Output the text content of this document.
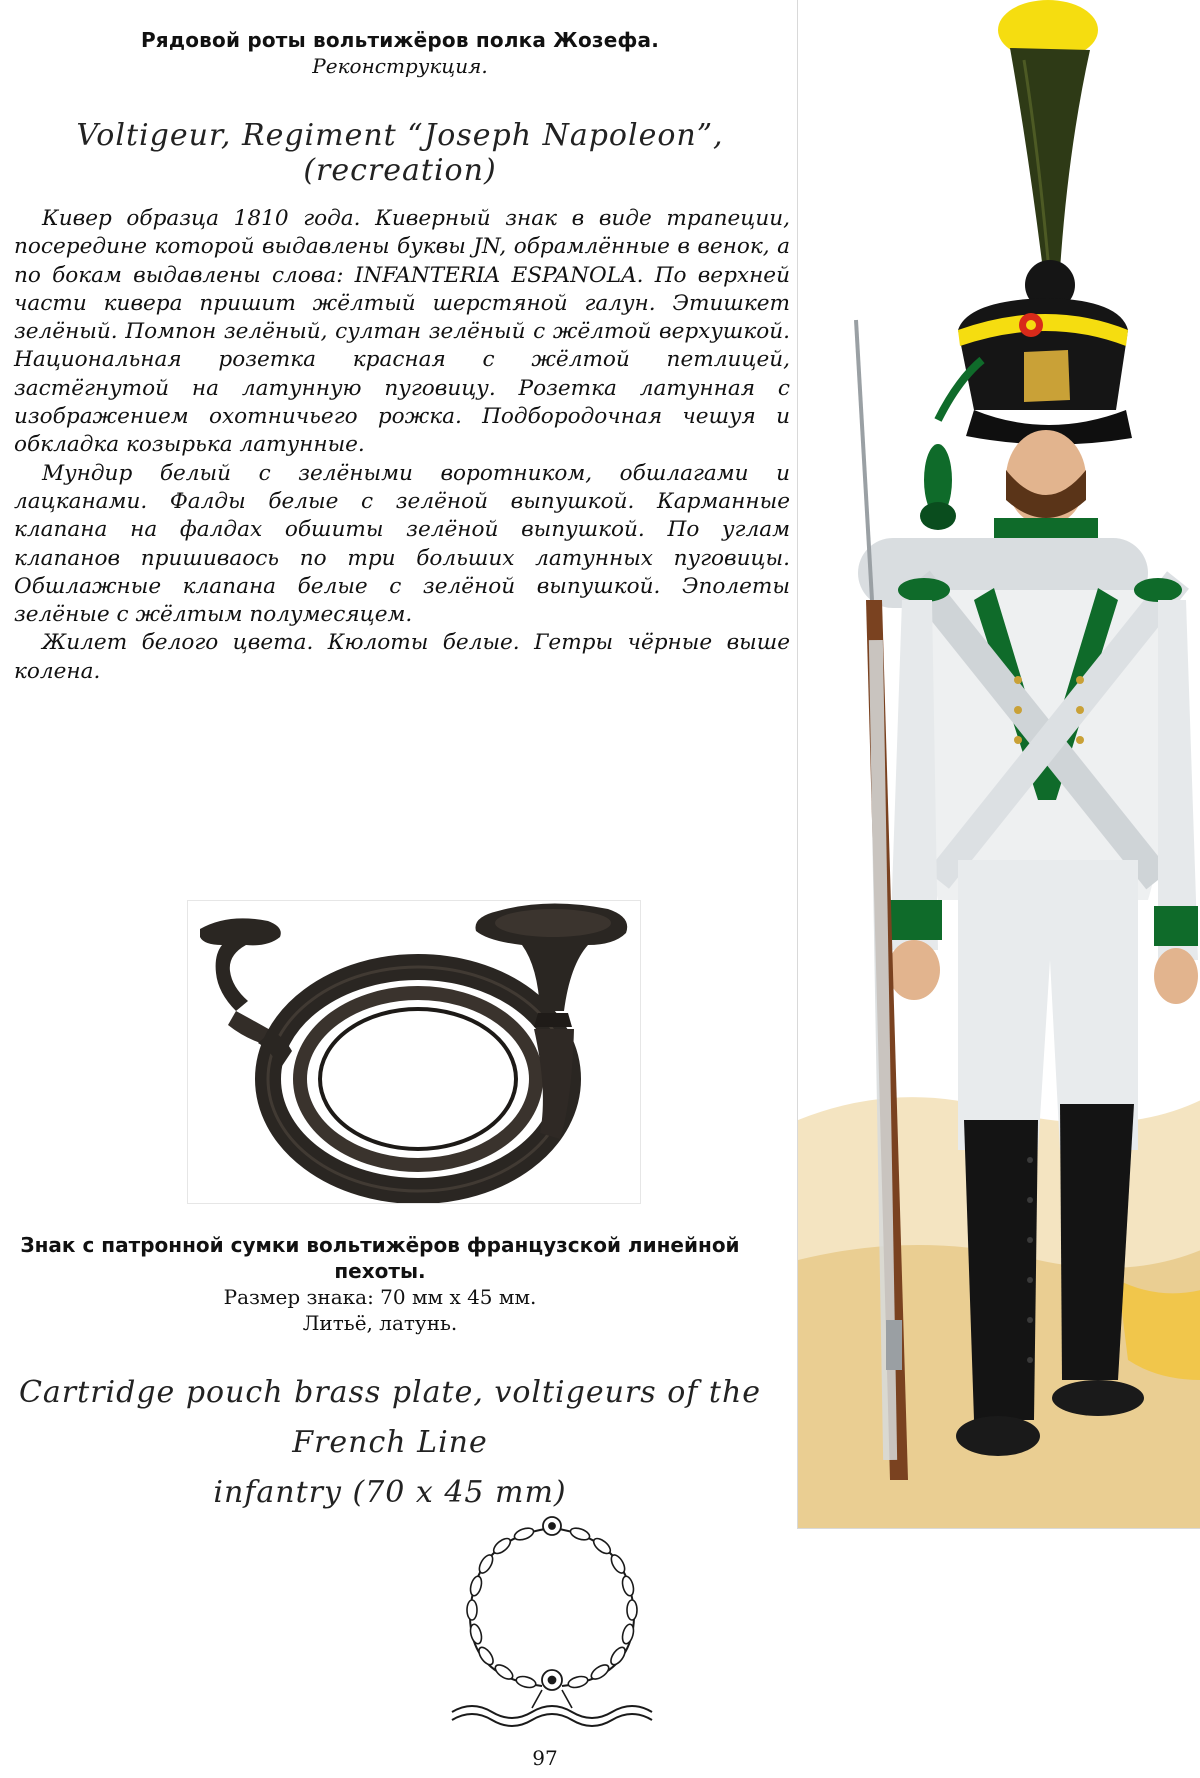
Рядовой роты вольтижёров полка Жозефа.
Реконструкция.
Voltigeur, Regiment “Joseph Napoleon”, (recreation)

Кивер образца 1810 года. Киверный знак в виде трапеции, посередине которой выдавлены буквы JN, обрамлённые в венок, а по бокам выдавлены слова: INFANTERIA ESPANOLA. По верхней части кивера пришит жёлтый шерстяной галун. Этишкет зелёный. Помпон зелёный, султан зелёный с жёлтой верхушкой. Национальная розетка красная с жёлтой петлицей, застёгнутой на латунную пуговицу. Розетка латунная с изображением охотничьего рожка. Подбородочная чешуя и обкладка козырька латунные.

Мундир белый с зелёными воротником, обшлагами и лацканами. Фалды белые с зелёной выпушкой. Карманные клапана на фалдах обшиты зелёной выпушкой. По углам клапанов пришиваось по три больших латунных пуговицы. Обшлажные клапана белые с зелёной выпушкой. Эполеты зелёные с жёлтым полумесяцем.

Жилет белого цвета. Кюлоты белые. Гетры чёрные выше колена.

Знак с патронной сумки вольтижёров французской линейной пехоты.
Размер знака: 70 мм х 45 мм.
Литьё, латунь.
Cartridge pouch brass plate, voltigeurs of the French Line
infantry (70 x 45 mm)
97
